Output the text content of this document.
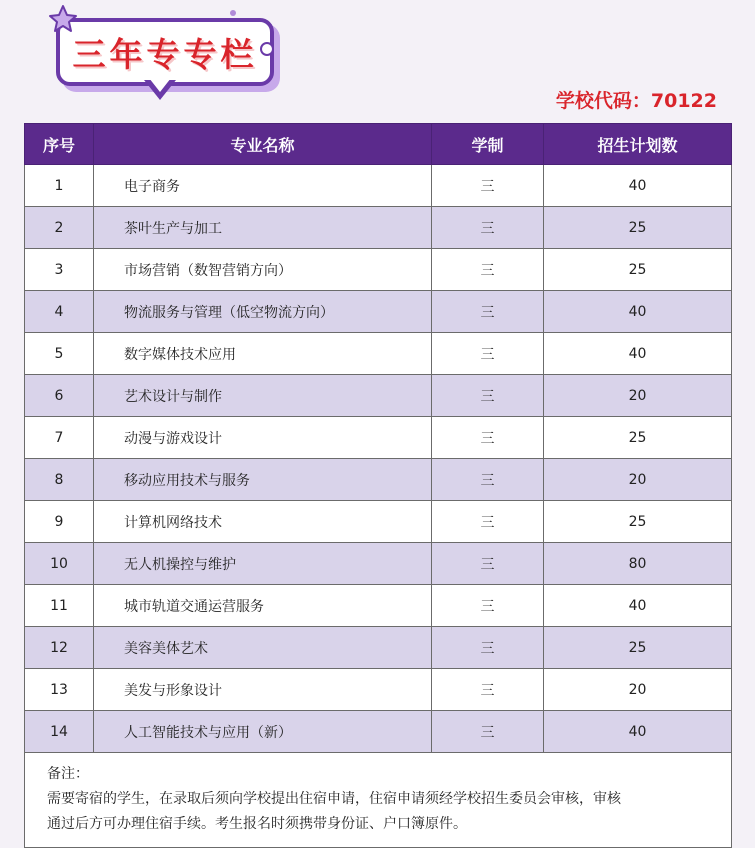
三年专专栏
学校代码：70122
序号	专业名称	学制	招生计划数
1	电子商务	三	40
2	茶叶生产与加工	三	25
3	市场营销（数智营销方向）	三	25
4	物流服务与管理（低空物流方向）	三	40
5	数字媒体技术应用	三	40
6	艺术设计与制作	三	20
7	动漫与游戏设计	三	25
8	移动应用技术与服务	三	20
9	计算机网络技术	三	25
10	无人机操控与维护	三	80
11	城市轨道交通运营服务	三	40
12	美容美体艺术	三	25
13	美发与形象设计	三	20
14	人工智能技术与应用（新）	三	40

备注：
需要寄宿的学生，在录取后须向学校提出住宿申请，住宿申请须经学校招生委员会审核，审核
通过后方可办理住宿手续。考生报名时须携带身份证、户口簿原件。			
